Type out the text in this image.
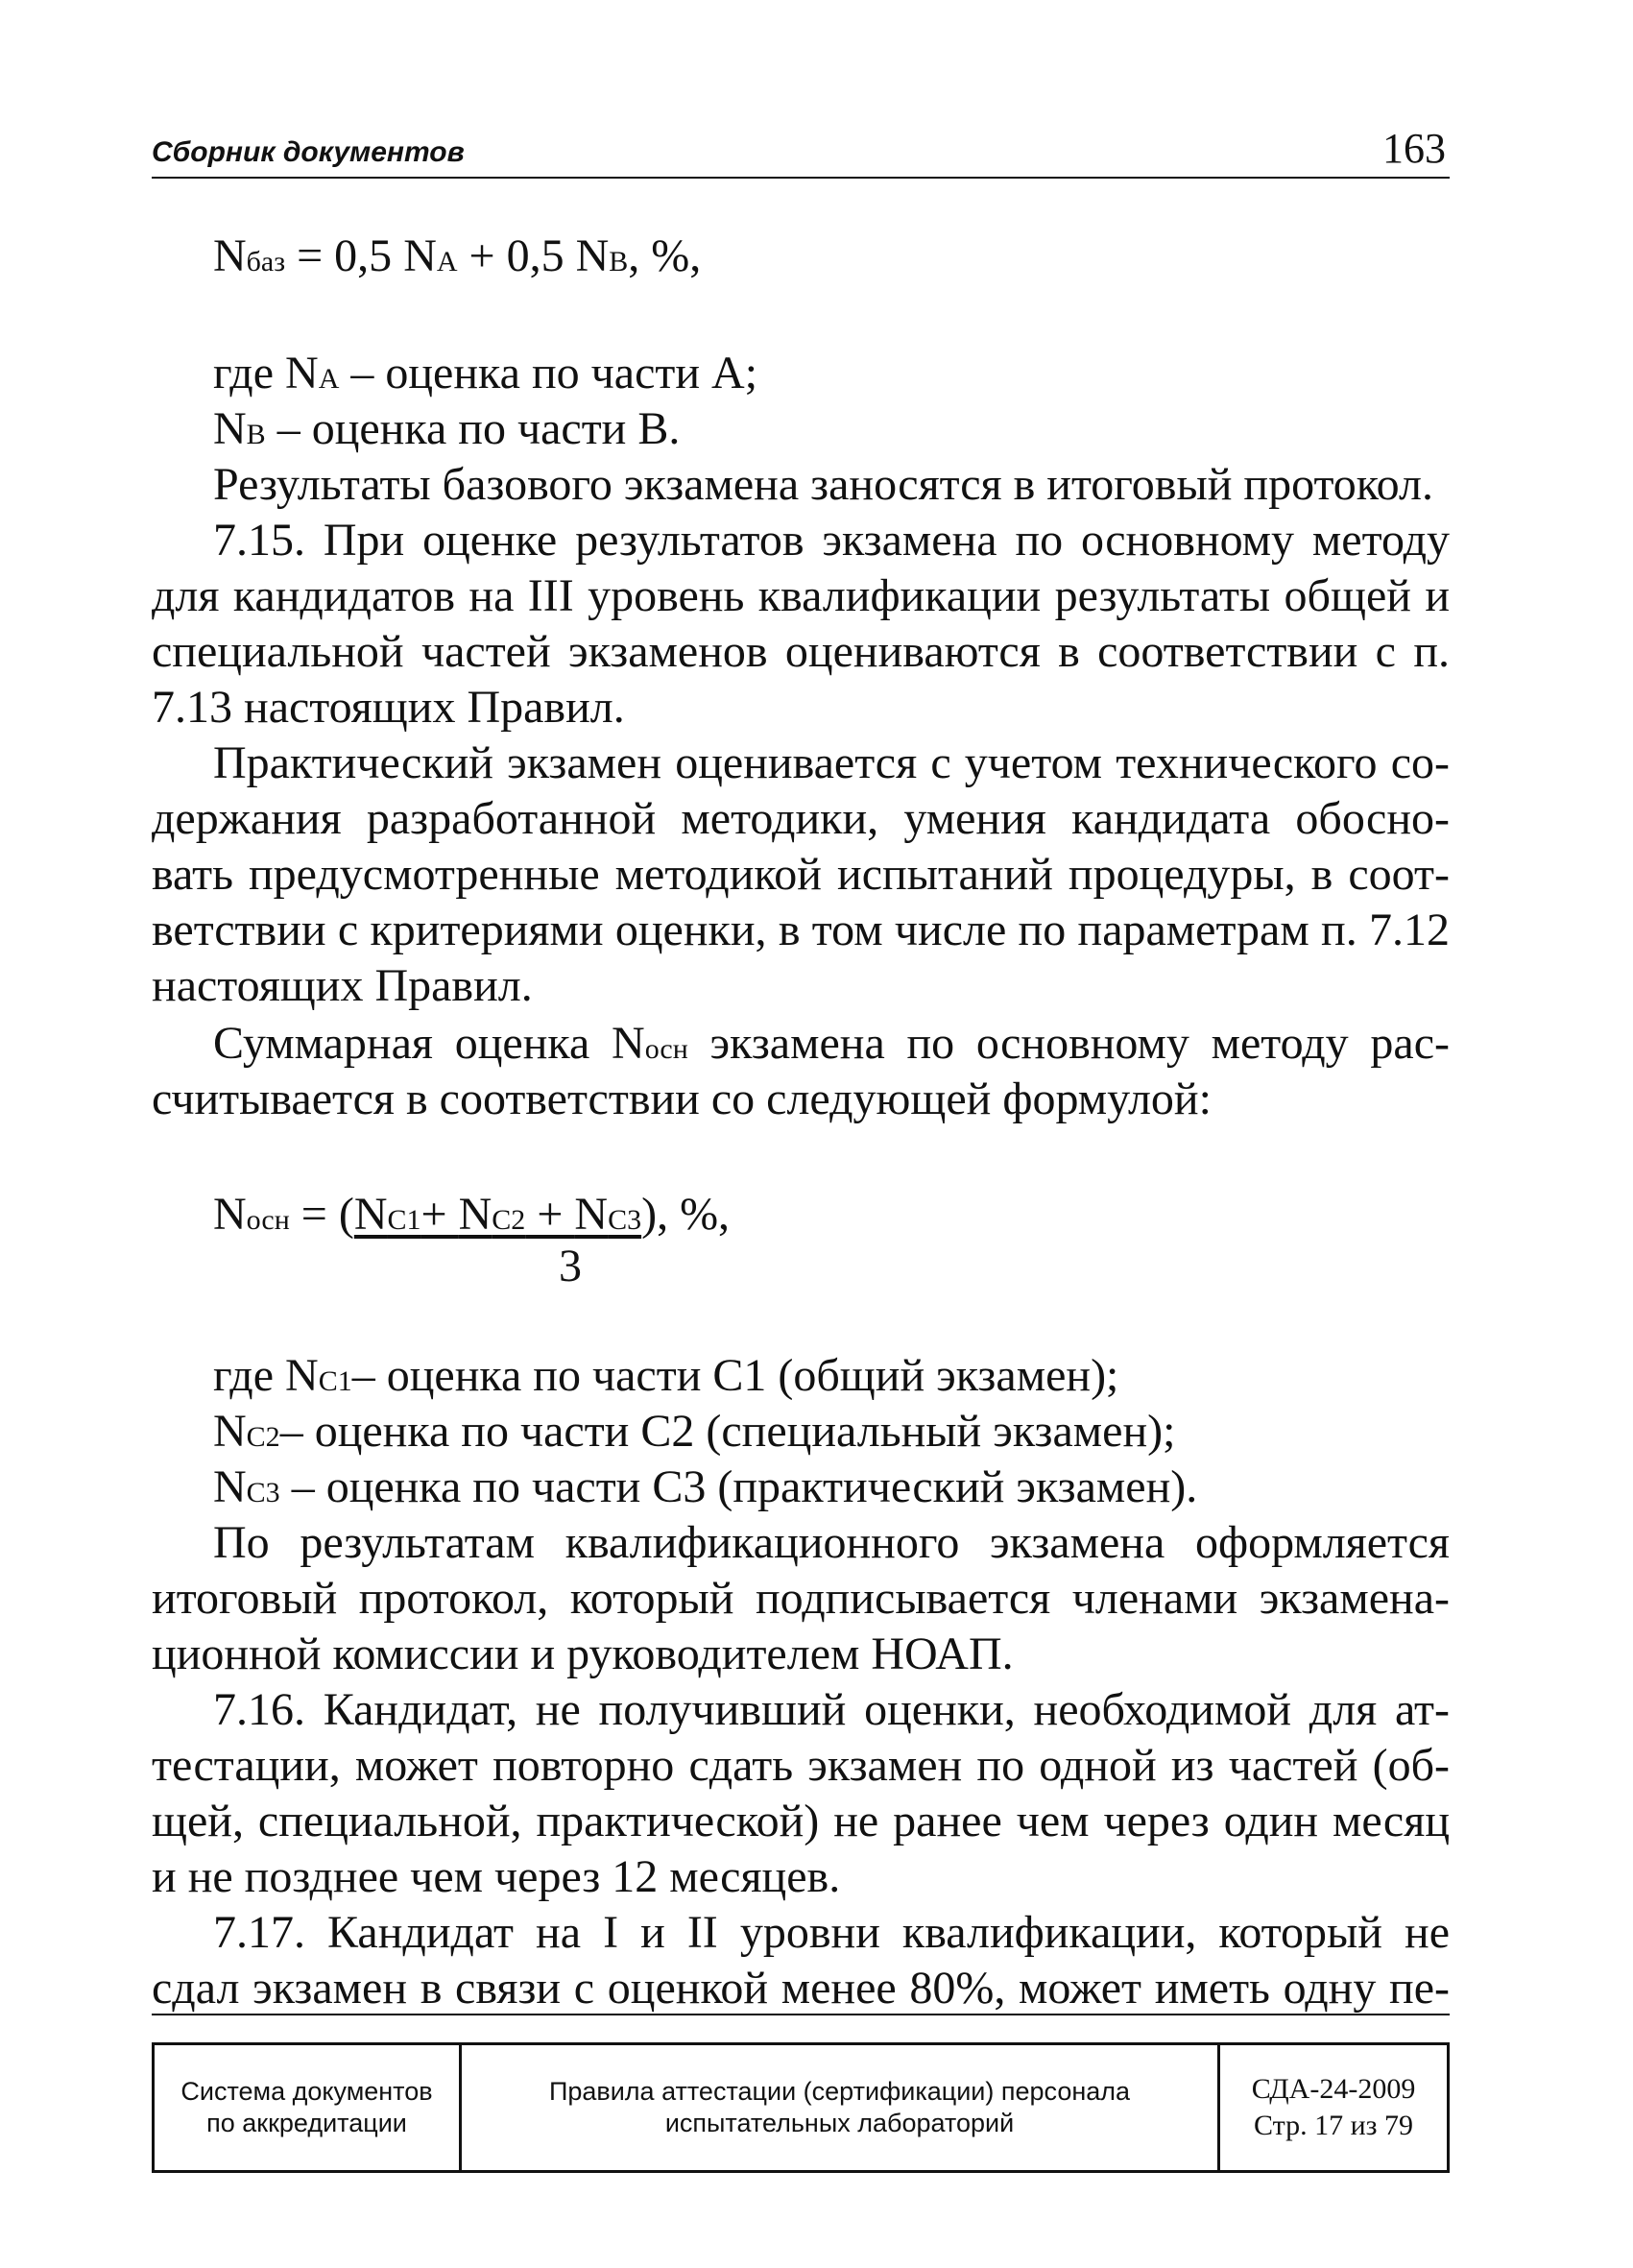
Сборник документов	163
Nбаз = 0,5 NА + 0,5 NВ, %,
где NА – оценка по части А;
NВ – оценка по части В.
Результаты базового экзамена заносятся в итоговый протокол.
7.15. При оценке результатов экзамена по основному методу
для кандидатов на III уровень квалификации результаты общей и
специальной частей экзаменов оцениваются в соответствии с п.
7.13 настоящих Правил.
Практический экзамен оценивается с учетом технического со-
держания разработанной методики, умения кандидата обосно-
вать предусмотренные методикой испытаний процедуры, в соот-
ветствии с критериями оценки, в том числе по параметрам п. 7.12
настоящих Правил.
Суммарная оценка Nосн экзамена по основному методу рас-
считывается в соответствии со следующей формулой:
Nосн = (NС1+ NС2 + NС3), %,
3
где NС1– оценка по части С1 (общий экзамен);
NС2– оценка по части С2 (специальный экзамен);
NС3 – оценка по части С3 (практический экзамен).
По результатам квалификационного экзамена оформляется
итоговый протокол, который подписывается членами экзамена-
ционной комиссии и руководителем НОАП.
7.16. Кандидат, не получивший оценки, необходимой для ат-
тестации, может повторно сдать экзамен по одной из частей (об-
щей, специальной, практической) не ранее чем через один месяц
и не позднее чем через 12 месяцев.
7.17. Кандидат на I и II уровни квалификации, который не
сдал экзамен в связи с оценкой менее 80%, может иметь одну пе-
Система документов
по аккредитации
Правила аттестации (сертификации) персонала
испытательных лабораторий
СДА-24-2009
Стр. 17 из 79
